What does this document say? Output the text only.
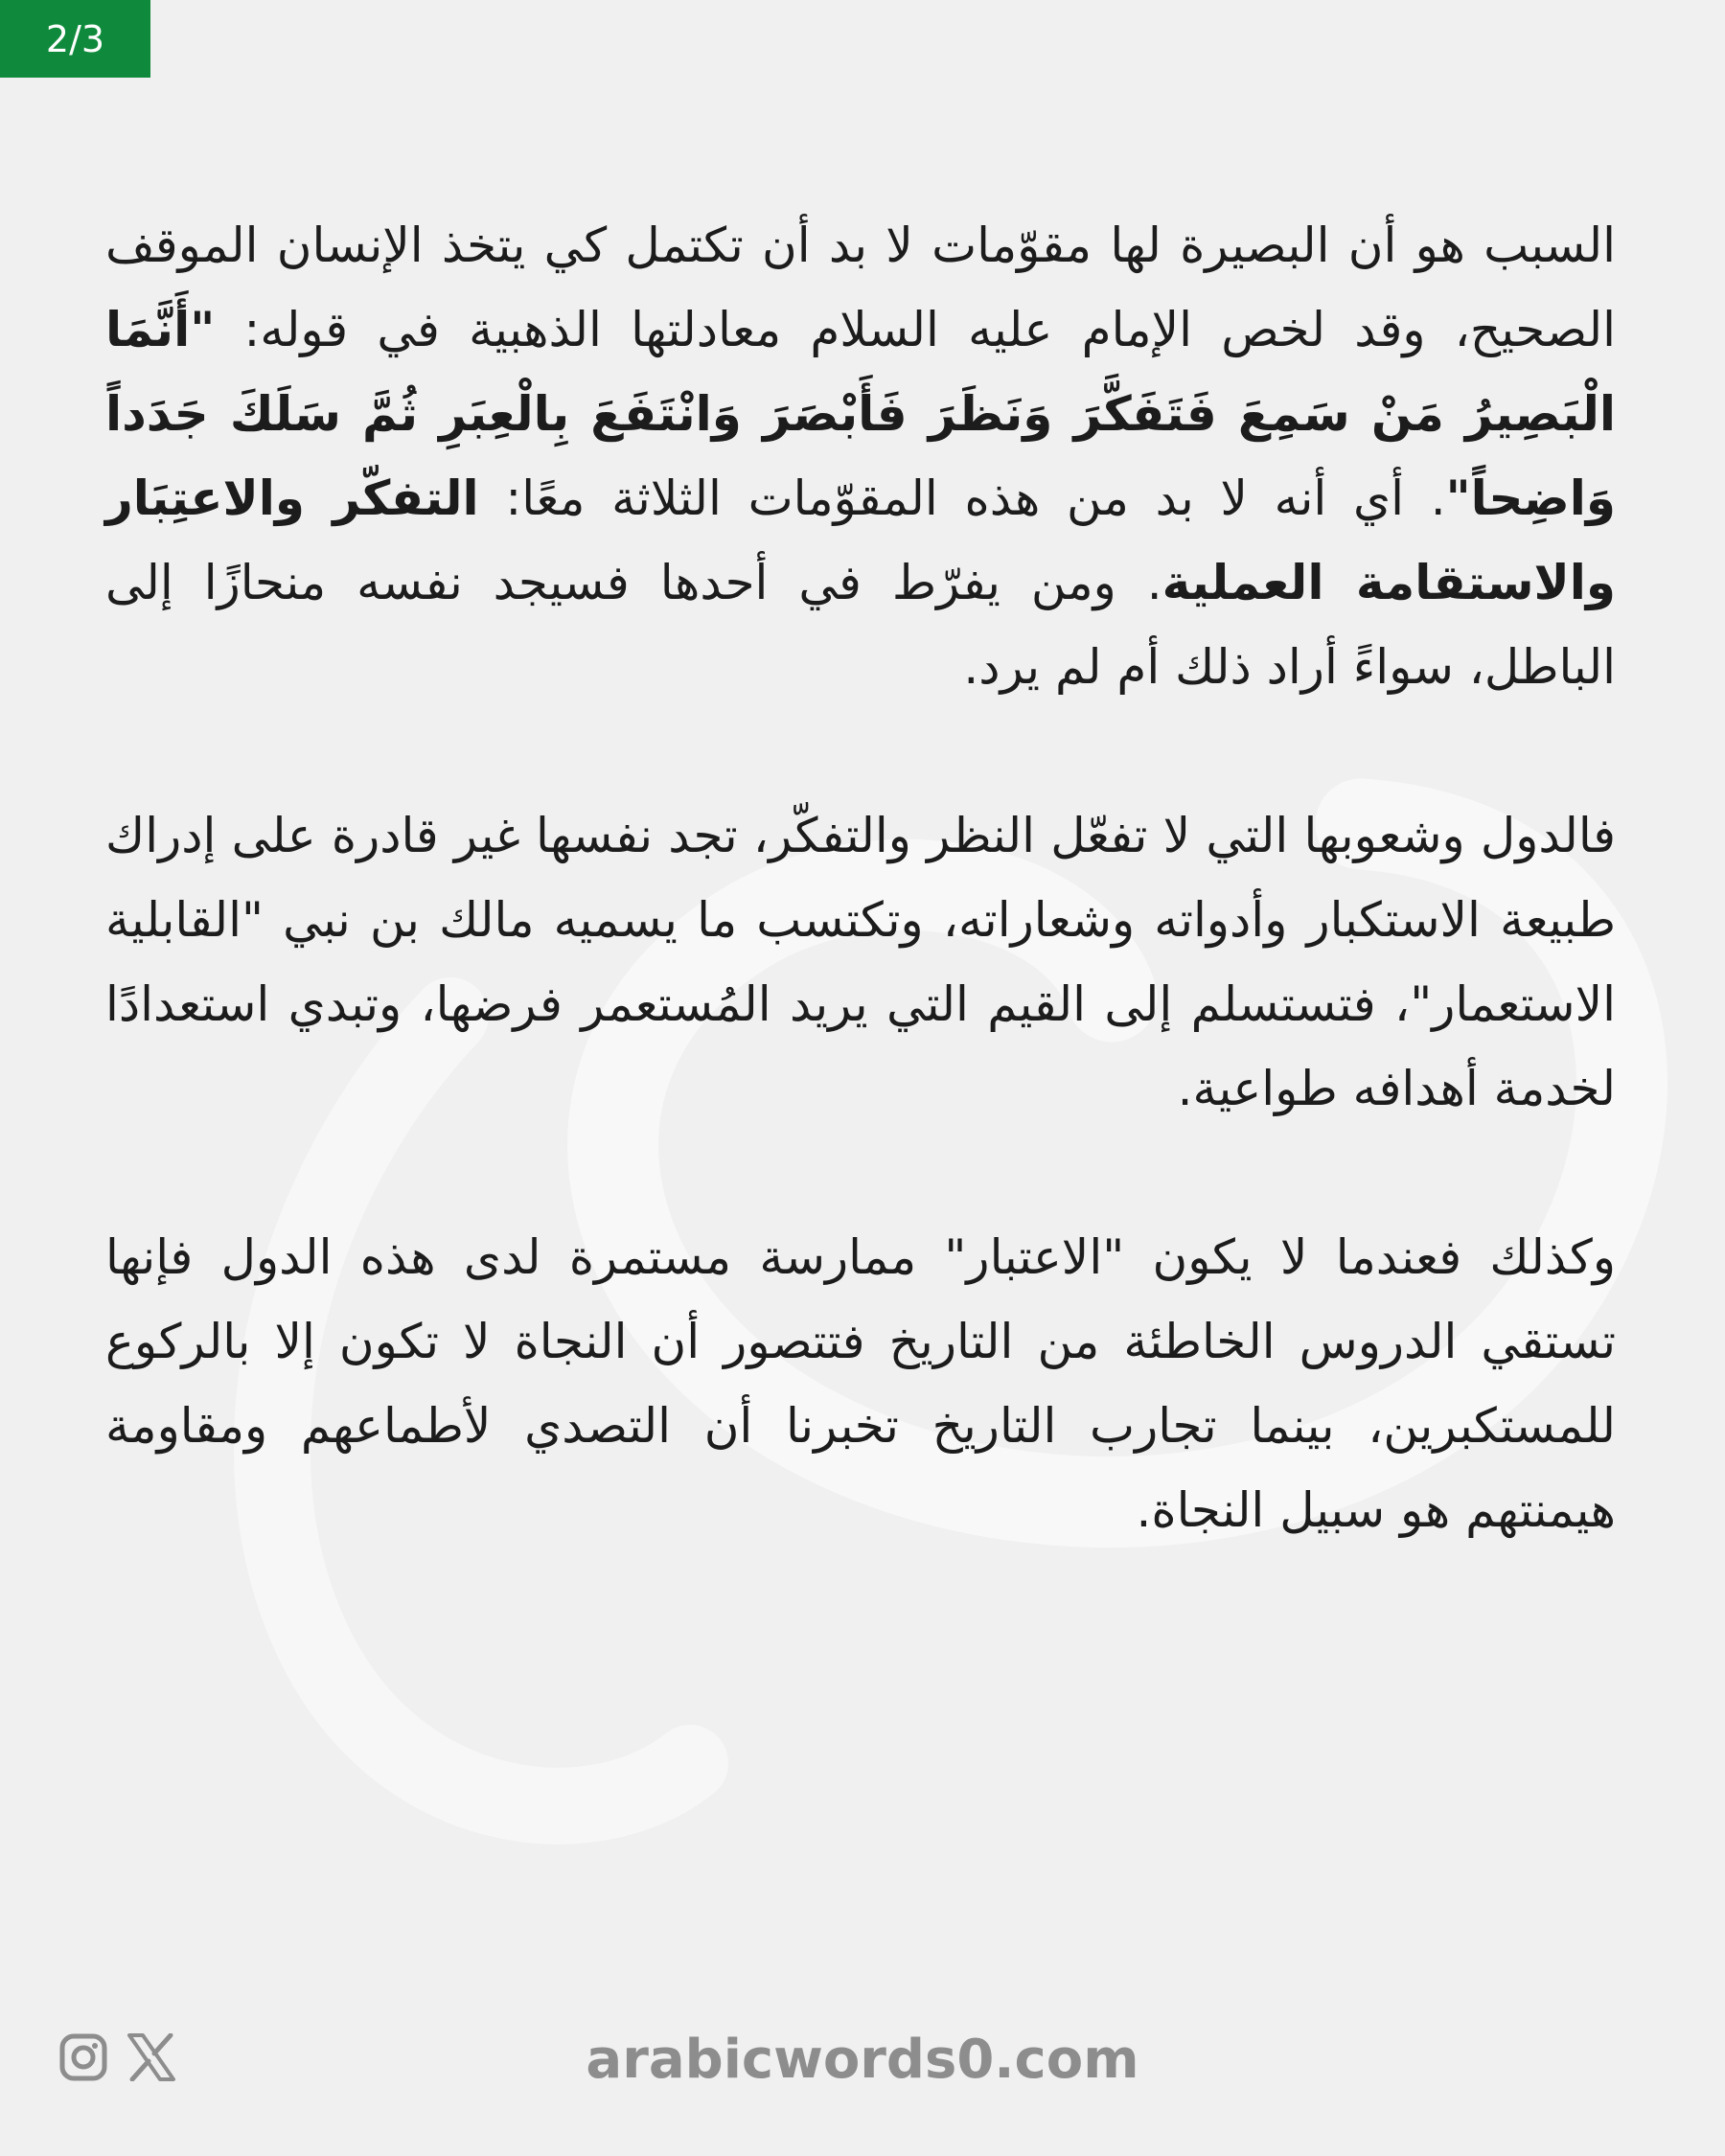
2/3

السبب هو أن البصيرة لها مقوّمات لا بد أن تكتمل كي يتخذ الإنسان الموقف الصحيح، وقد لخص الإمام عليه السلام معادلتها الذهبية في قوله: "أَنَّمَا الْبَصِيرُ مَنْ سَمِعَ فَتَفَكَّرَ وَنَظَرَ فَأَبْصَرَ وَانْتَفَعَ بِالْعِبَرِ ثُمَّ سَلَكَ جَدَداً وَاضِحاً". أي أنه لا بد من هذه المقوّمات الثلاثة معًا: التفكّر والاعتِبَار والاستقامة العملية. ومن يفرّط في أحدها فسيجد نفسه منحازًا إلى الباطل، سواءً أراد ذلك أم لم يرد.

فالدول وشعوبها التي لا تفعّل النظر والتفكّر، تجد نفسها غير قادرة على إدراك طبيعة الاستكبار وأدواته وشعاراته، وتكتسب ما يسميه مالك بن نبي "القابلية الاستعمار"، فتستسلم إلى القيم التي يريد المُستعمر فرضها، وتبدي استعدادًا لخدمة أهدافه طواعية.

وكذلك فعندما لا يكون "الاعتبار" ممارسة مستمرة لدى هذه الدول فإنها تستقي الدروس الخاطئة من التاريخ فتتصور أن النجاة لا تكون إلا بالركوع للمستكبرين، بينما تجارب التاريخ تخبرنا أن التصدي لأطماعهم ومقاومة هيمنتهم هو سبيل النجاة.

arabicwords0.com
